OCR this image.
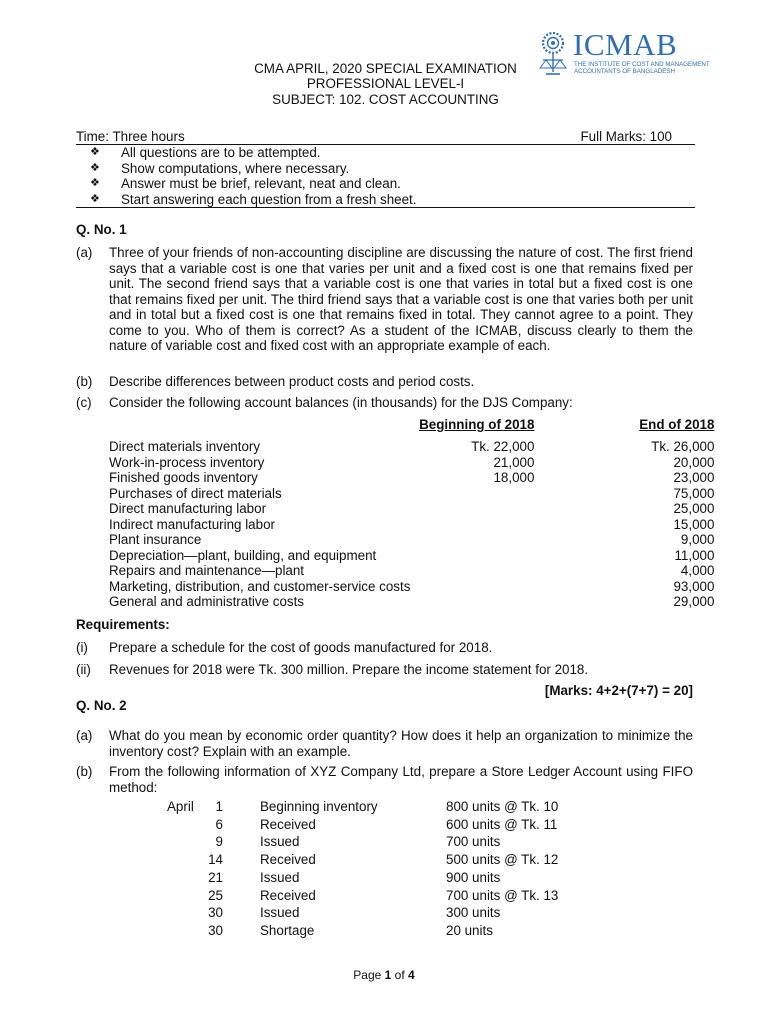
ICMAB
THE INSTITUTE OF COST AND MANAGEMENT
ACCOUNTANTS OF BANGLADESH
CMA APRIL, 2020 SPECIAL EXAMINATION
PROFESSIONAL LEVEL-I
SUBJECT: 102. COST ACCOUNTING
Time: Three hours	Full Marks: 100
❖	All questions are to be attempted.
❖	Show computations, where necessary.
❖	Answer must be brief, relevant, neat and clean.
❖	Start answering each question from a fresh sheet.
Q. No. 1
(a) Three of your friends of non-accounting discipline are discussing the nature of cost. The first friend says that a variable cost is one that varies per unit and a fixed cost is one that remains fixed per unit. The second friend says that a variable cost is one that varies in total but a fixed cost is one that remains fixed per unit. The third friend says that a variable cost is one that varies both per unit and in total but a fixed cost is one that remains fixed in total. They cannot agree to a point. They come to you. Who of them is correct? As a student of the ICMAB, discuss clearly to them the nature of variable cost and fixed cost with an appropriate example of each.
(b) Describe differences between product costs and period costs.
(c) Consider the following account balances (in thousands) for the DJS Company:
	Beginning of 2018	End of 2018
Direct materials inventory	Tk. 22,000	Tk. 26,000
Work-in-process inventory	21,000	20,000
Finished goods inventory	18,000	23,000
Purchases of direct materials		75,000
Direct manufacturing labor		25,000
Indirect manufacturing labor		15,000
Plant insurance		9,000
Depreciation—plant, building, and equipment		11,000
Repairs and maintenance—plant		4,000
Marketing, distribution, and customer-service costs		93,000
General and administrative costs		29,000
Requirements:
(i) Prepare a schedule for the cost of goods manufactured for 2018.
(ii) Revenues for 2018 were Tk. 300 million. Prepare the income statement for 2018.
[Marks: 4+2+(7+7) = 20]
Q. No. 2
(a) What do you mean by economic order quantity? How does it help an organization to minimize the inventory cost? Explain with an example.
(b) From the following information of XYZ Company Ltd, prepare a Store Ledger Account using FIFO method:
April	1	Beginning inventory	800 units @ Tk. 10
	6	Received	600 units @ Tk. 11
	9	Issued	700 units
	14	Received	500 units @ Tk. 12
	21	Issued	900 units
	25	Received	700 units @ Tk. 13
	30	Issued	300 units
	30	Shortage	20 units
Page 1 of 4
